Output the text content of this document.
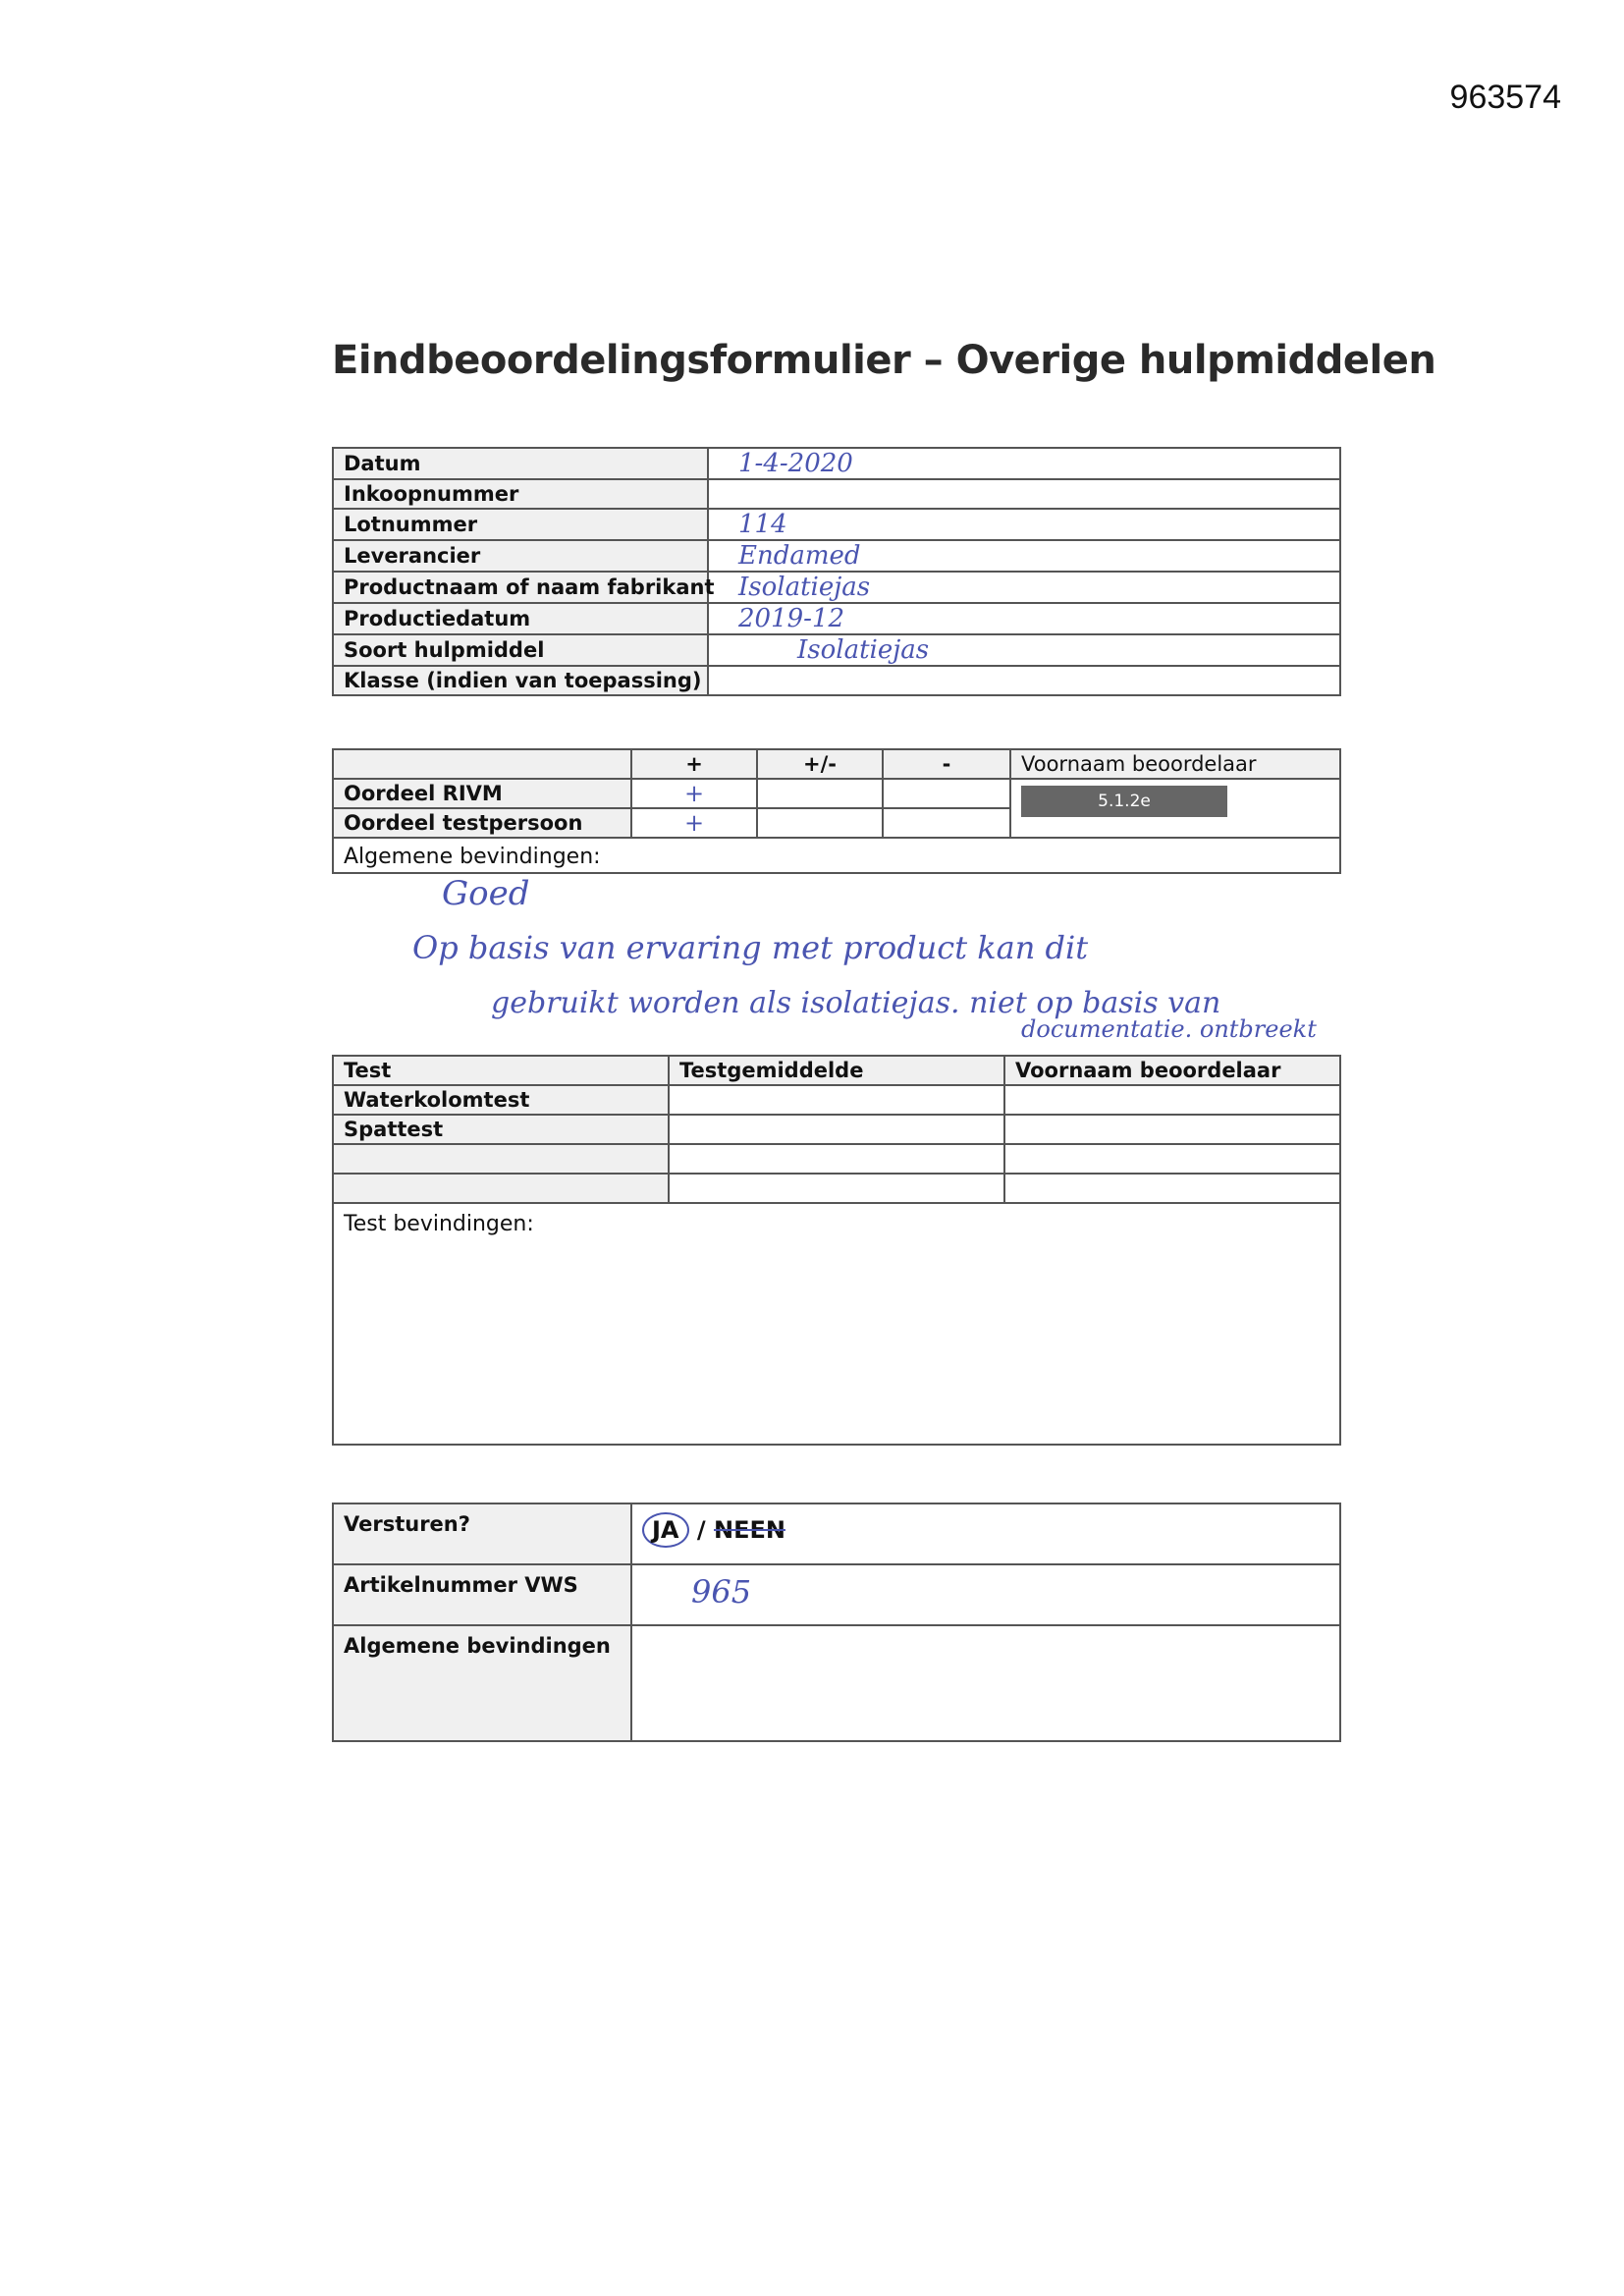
963574
Eindbeoordelingsformulier – Overige hulpmiddelen
Datum	1-4-2020
Inkoopnummer	
Lotnummer	114
Leverancier	Endamed
Productnaam of naam fabrikant	Isolatiejas
Productiedatum	2019-12
Soort hulpmiddel	Isolatiejas
Klasse (indien van toepassing)	
	+	+/-	-	Voornaam beoordelaar
Oordeel RIVM	+			5.1.2e
Oordeel testpersoon	+			

Algemene bevindingen:
Goed
Op basis van ervaring met product kan dit
gebruikt worden als isolatiejas. niet op basis van
documentatie. ontbreekt				
Test	Testgemiddelde	Voornaam beoordelaar
Waterkolomtest		
Spattest		

Test bevindingen:		
Versturen?	JA / NEEN
Artikelnummer VWS	965
Algemene bevindingen	
